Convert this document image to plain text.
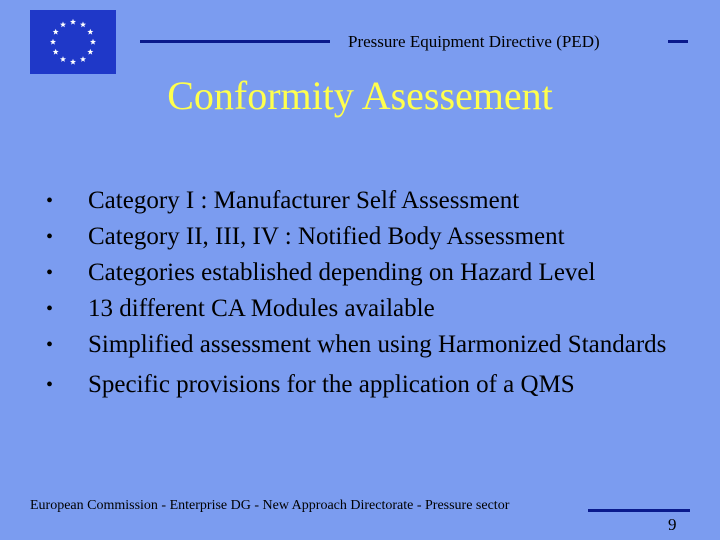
Pressure Equipment Directive (PED)
Conformity Asessement
• Category I : Manufacturer Self Assessment
• Category II, III, IV : Notified Body Assessment
• Categories established depending on Hazard Level
• 13 different CA Modules available
• Simplified assessment when using Harmonized Standards
• Specific provisions for the application of a QMS
European Commission - Enterprise DG - New Approach Directorate - Pressure sector
9
